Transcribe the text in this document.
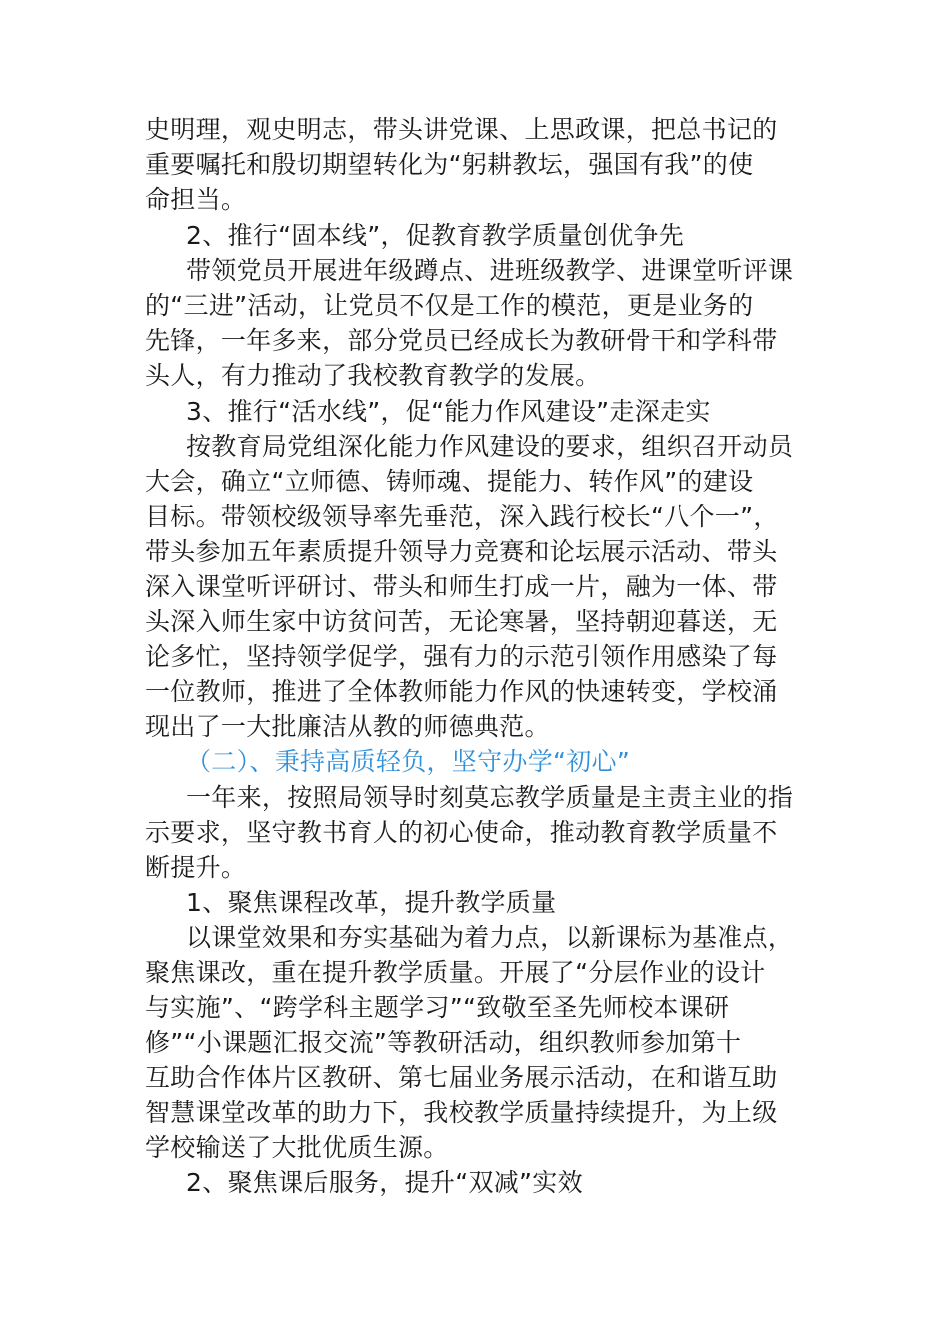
史明理，观史明志，带头讲党课、上思政课，把总书记的
重要嘱托和殷切期望转化为“躬耕教坛，强国有我”的使
命担当。
2、推行“固本线”，促教育教学质量创优争先
带领党员开展进年级蹲点、进班级教学、进课堂听评课
的“三进”活动，让党员不仅是工作的模范，更是业务的
先锋，一年多来，部分党员已经成长为教研骨干和学科带
头人，有力推动了我校教育教学的发展。
3、推行“活水线”，促“能力作风建设”走深走实
按教育局党组深化能力作风建设的要求，组织召开动员
大会，确立“立师德、铸师魂、提能力、转作风”的建设
目标。带领校级领导率先垂范，深入践行校长“八个一”，
带头参加五年素质提升领导力竞赛和论坛展示活动、带头
深入课堂听评研讨、带头和师生打成一片，融为一体、带
头深入师生家中访贫问苦，无论寒暑，坚持朝迎暮送，无
论多忙，坚持领学促学，强有力的示范引领作用感染了每
一位教师，推进了全体教师能力作风的快速转变，学校涌
现出了一大批廉洁从教的师德典范。
（二）、秉持高质轻负，坚守办学“初心”
一年来，按照局领导时刻莫忘教学质量是主责主业的指
示要求，坚守教书育人的初心使命，推动教育教学质量不
断提升。
1、聚焦课程改革，提升教学质量
以课堂效果和夯实基础为着力点，以新课标为基准点，
聚焦课改，重在提升教学质量。开展了“分层作业的设计
与实施”、“跨学科主题学习”“致敬至圣先师校本课研
修”“小课题汇报交流”等教研活动，组织教师参加第十
互助合作体片区教研、第七届业务展示活动，在和谐互助
智慧课堂改革的助力下，我校教学质量持续提升，为上级
学校输送了大批优质生源。
2、聚焦课后服务，提升“双减”实效
